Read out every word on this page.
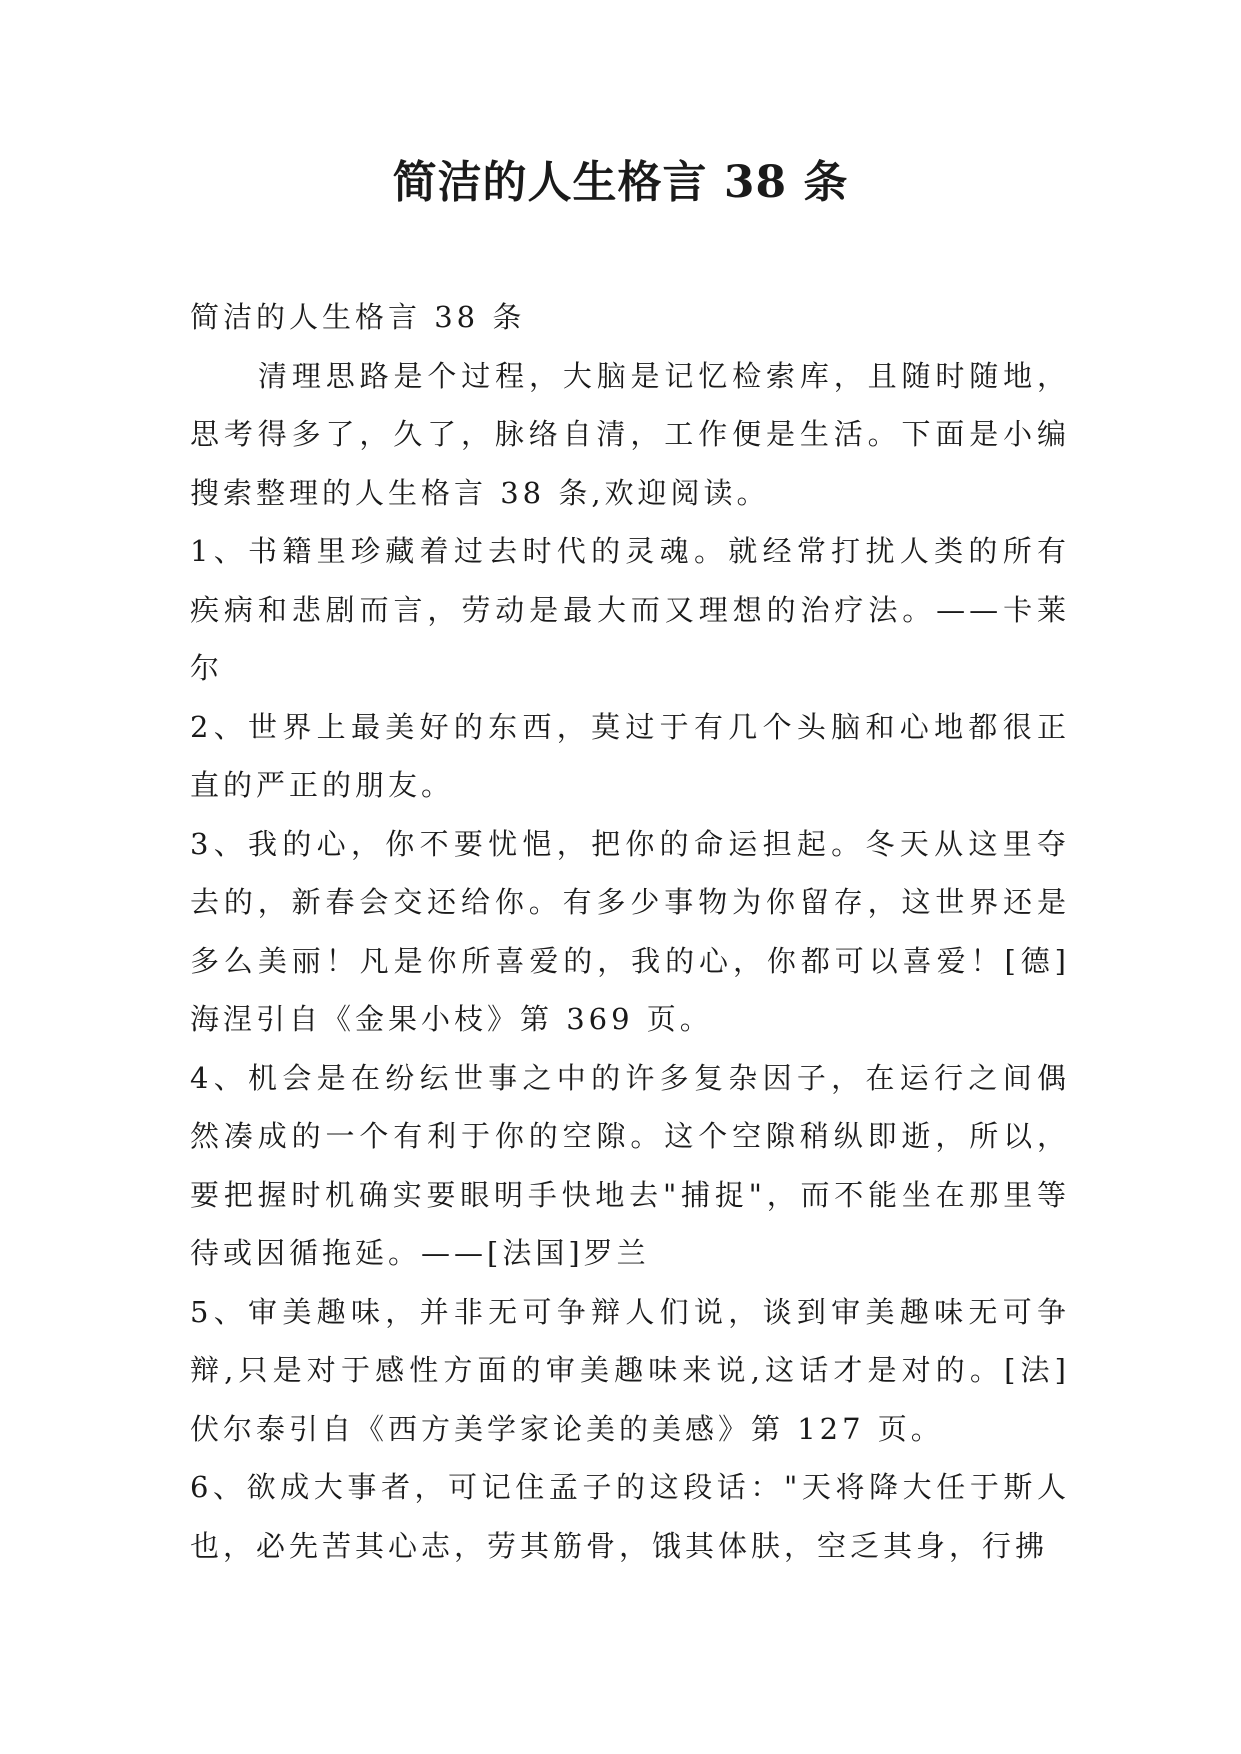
简洁的人生格言 38 条

简洁的人生格言 38 条

清理思路是个过程，大脑是记忆检索库，且随时随地，思考得多了，久了，脉络自清，工作便是生活。下面是小编搜索整理的人生格言 38 条,欢迎阅读。

1、书籍里珍藏着过去时代的灵魂。就经常打扰人类的所有疾病和悲剧而言，劳动是最大而又理想的治疗法。——卡莱尔

2、世界上最美好的东西，莫过于有几个头脑和心地都很正直的严正的朋友。

3、我的心，你不要忧悒，把你的命运担起。冬天从这里夺去的，新春会交还给你。有多少事物为你留存，这世界还是多么美丽！凡是你所喜爱的，我的心，你都可以喜爱！[德]海涅引自《金果小枝》第 369 页。

4、机会是在纷纭世事之中的许多复杂因子，在运行之间偶然凑成的一个有利于你的空隙。这个空隙稍纵即逝，所以，要把握时机确实要眼明手快地去"捕捉"，而不能坐在那里等待或因循拖延。——[法国]罗兰

5、审美趣味，并非无可争辩人们说，谈到审美趣味无可争辩,只是对于感性方面的审美趣味来说,这话才是对的。[法]伏尔泰引自《西方美学家论美的美感》第 127 页。

6、欲成大事者，可记住孟子的这段话："天将降大任于斯人也，必先苦其心志，劳其筋骨，饿其体肤，空乏其身，行拂
